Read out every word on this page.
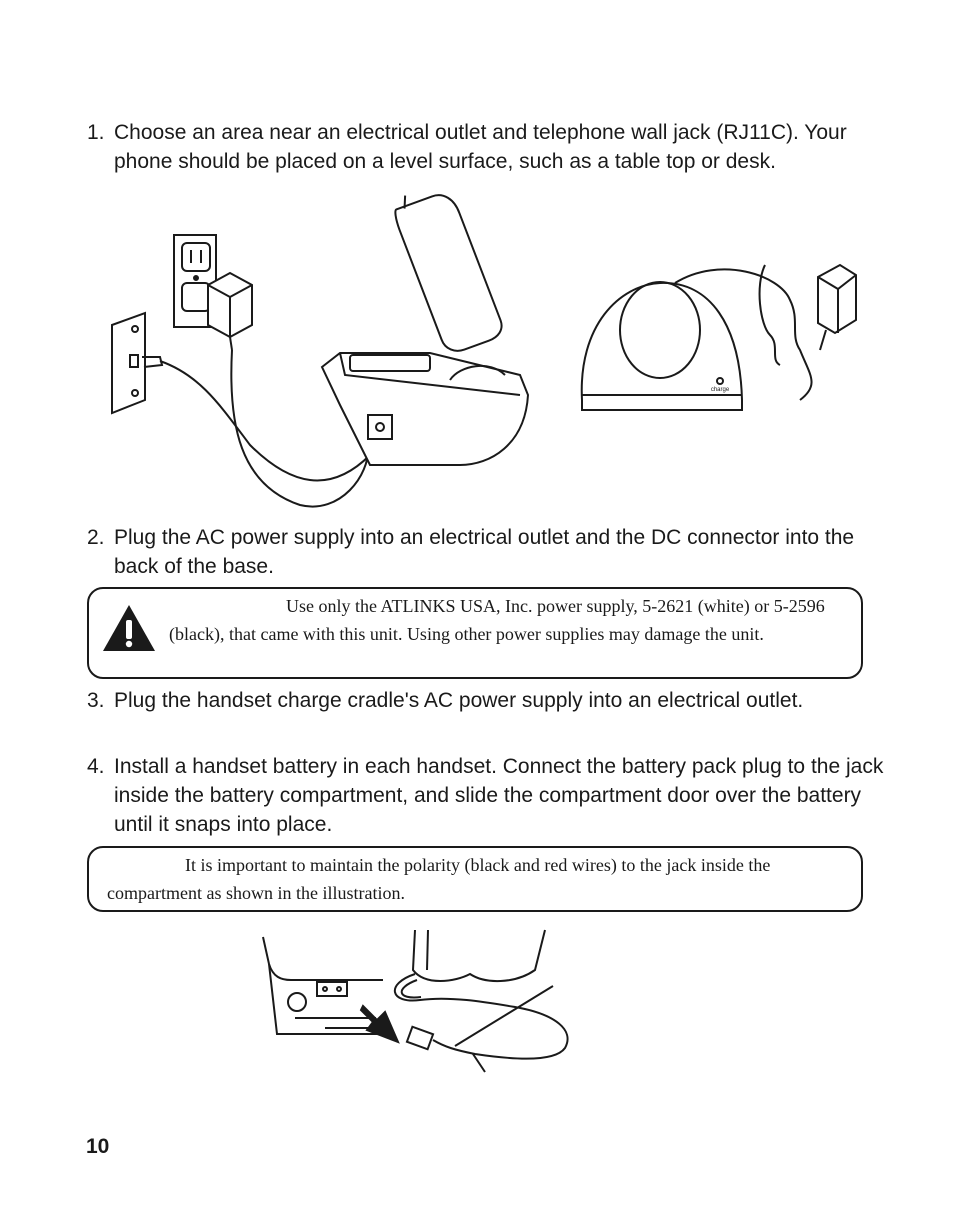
1. Choose an area near an electrical outlet and telephone wall jack (RJ11C). Your phone should be placed on a level surface, such as a table top or desk.
charge
2. Plug the AC power supply into an electrical outlet and the DC connector into the back of the base.
Use only the ATLINKS USA, Inc. power supply, 5-2621 (white) or 5-2596 (black), that came with this unit. Using other power supplies may damage the unit.
3. Plug the handset charge cradle's AC power supply into an electrical outlet.
4. Install a handset battery in each handset. Connect the battery pack plug to the jack inside the battery compartment, and slide the compartment door over the battery until it snaps into place.
It is important to maintain the polarity (black and red wires) to the jack inside the compartment as shown in the illustration.
10
